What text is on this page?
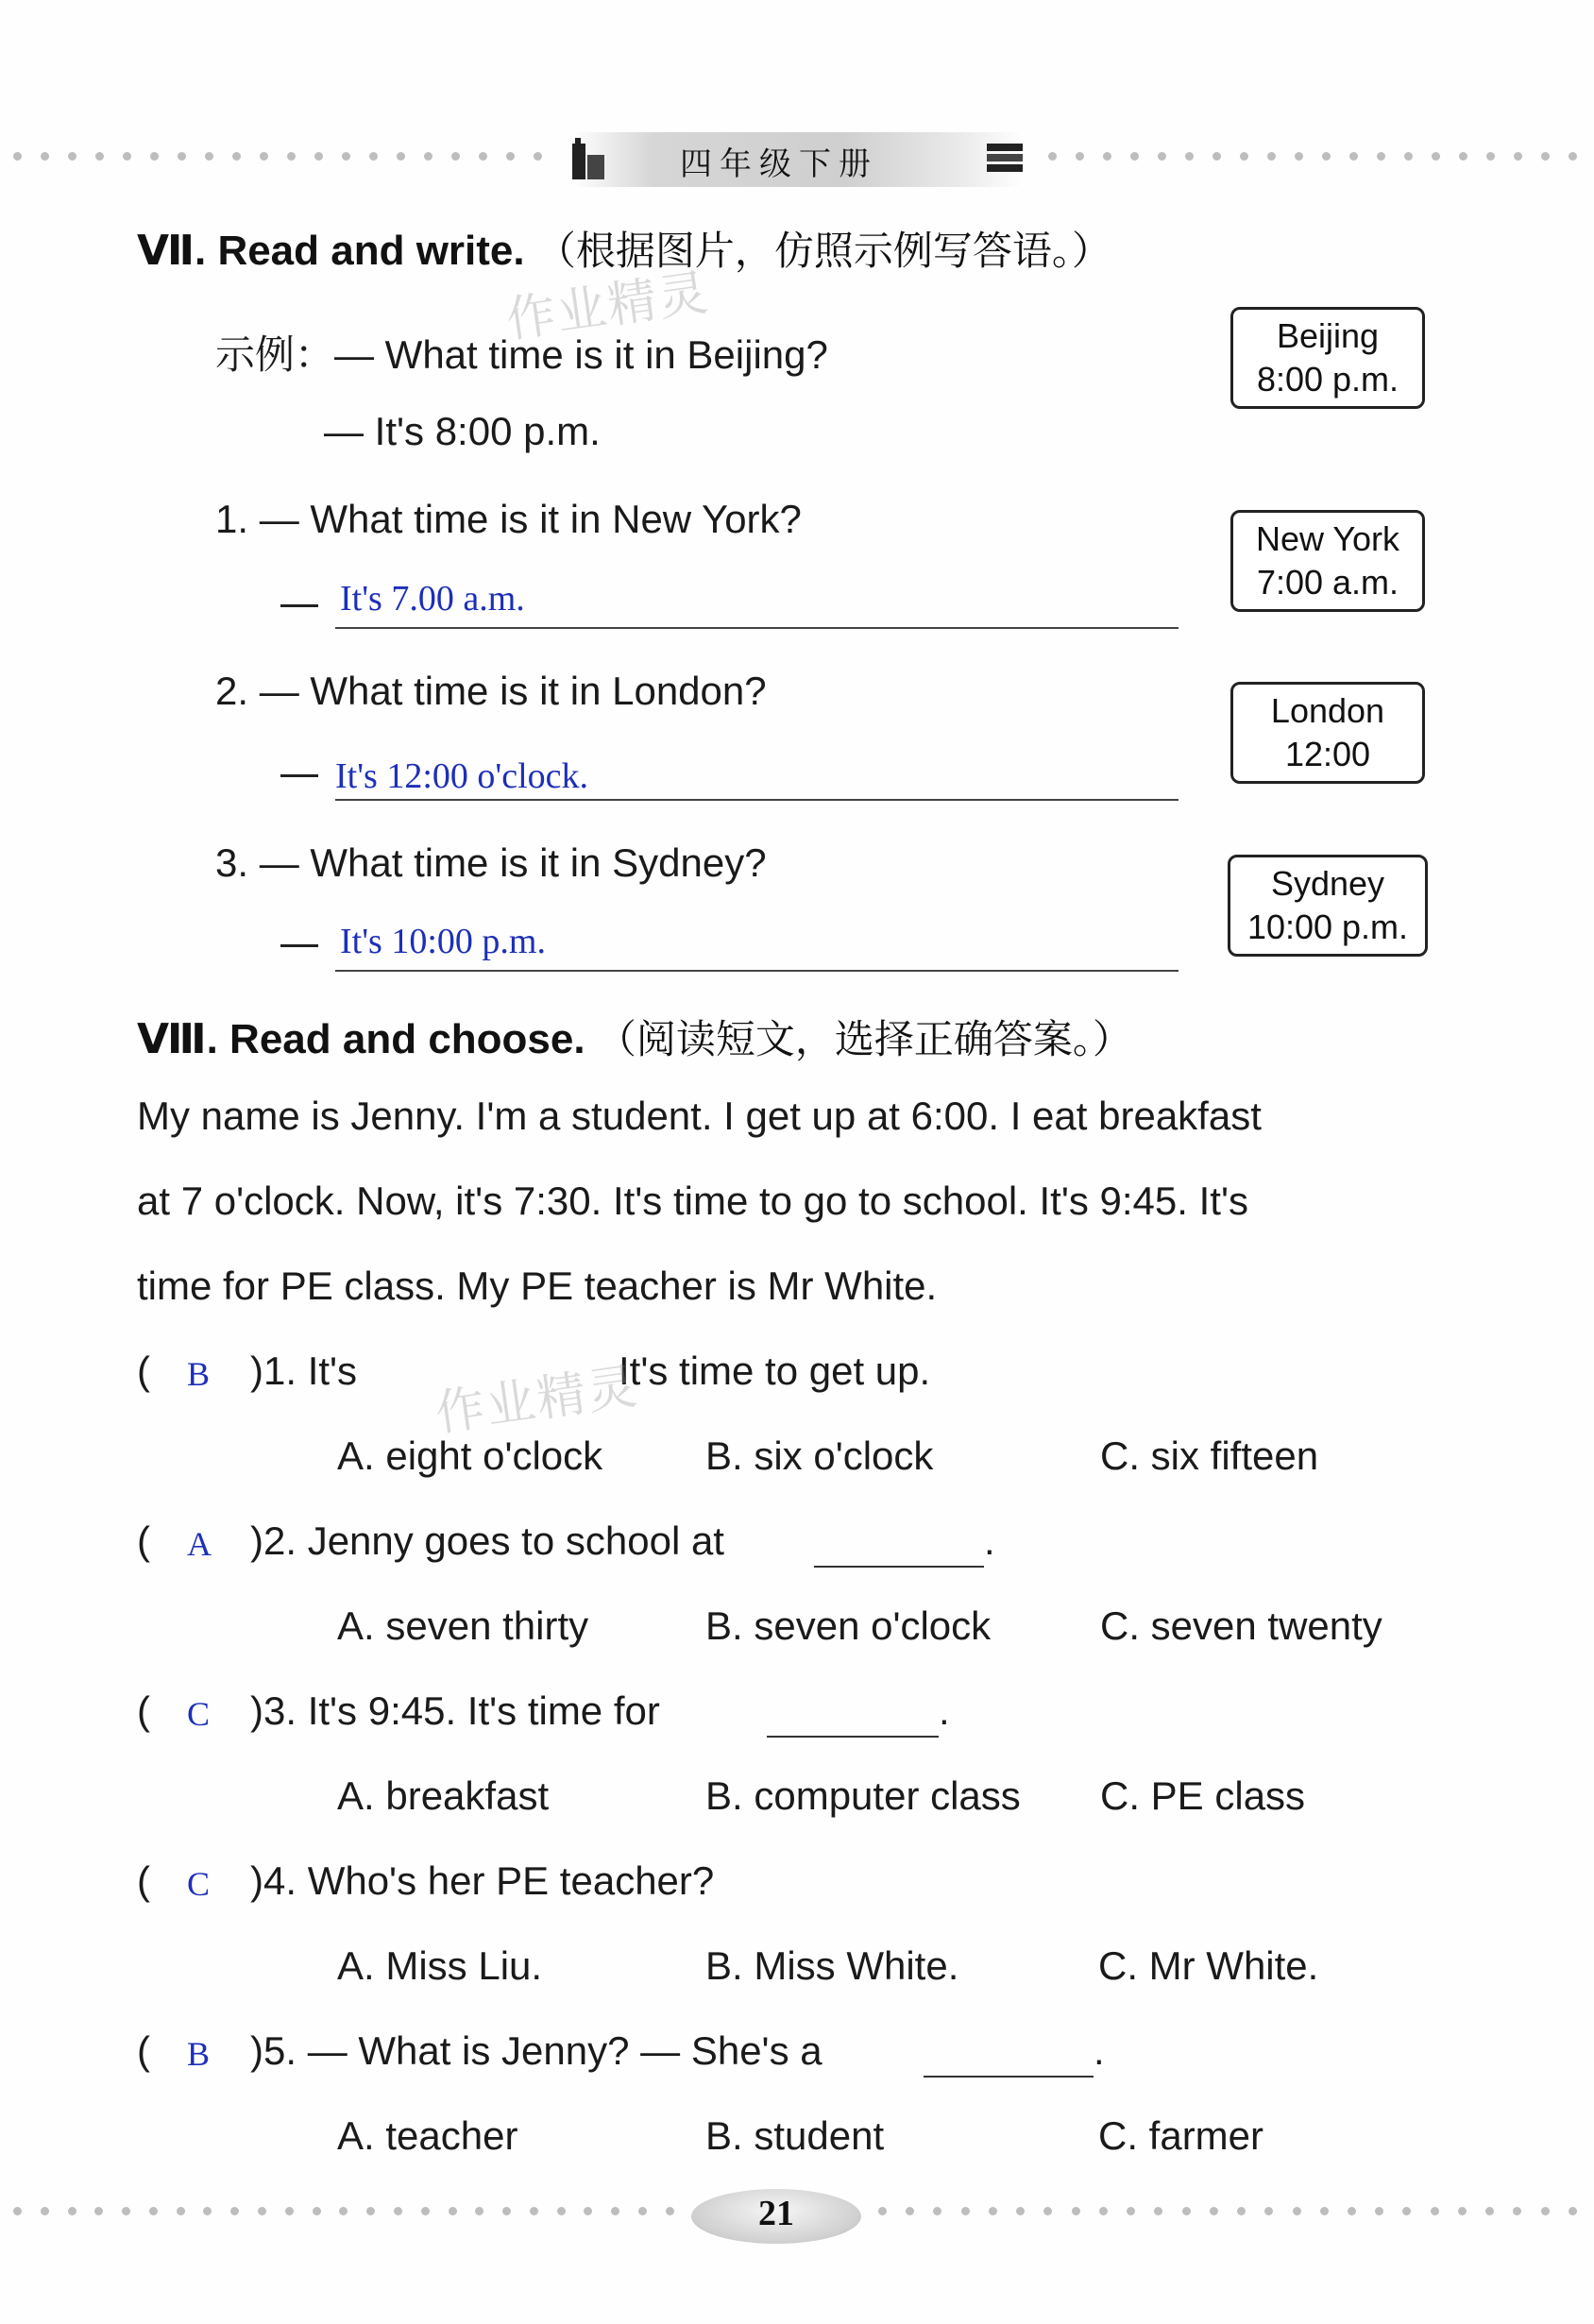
四年级下册
Ⅶ. Read and write. （根据图片，仿照示例写答语。）
作业精灵
示例：— What time is it in Beijing?
— It's 8:00 p.m.
1. — What time is it in New York?
It's 7.00 a.m.
2. — What time is it in London?
It's 12:00 o'clock.
3. — What time is it in Sydney?
It's 10:00 p.m.
Beijing
8:00 p.m.
New York
7:00 a.m.
London
12:00
Sydney
10:00 p.m.
Ⅷ. Read and choose. （阅读短文，选择正确答案。）
My name is Jenny. I'm a student. I get up at 6:00. I eat breakfast
at 7 o'clock. Now, it's 7:30. It's time to go to school. It's 9:45. It's
time for PE class. My PE teacher is Mr White.
( B )1. It's	It's time to get up.
作业精灵
A. eight o'clock	B. six o'clock	C. six fifteen
( A )2. Jenny goes to school at	.
A. seven thirty	B. seven o'clock	C. seven twenty
( C )3. It's 9:45. It's time for	.
A. breakfast	B. computer class C. PE class
( C )4. Who's her PE teacher?
A. Miss Liu.	B. Miss White.	C. Mr White.
( B )5. — What is Jenny? — She's a	.
A. teacher	B. student	C. farmer
21
